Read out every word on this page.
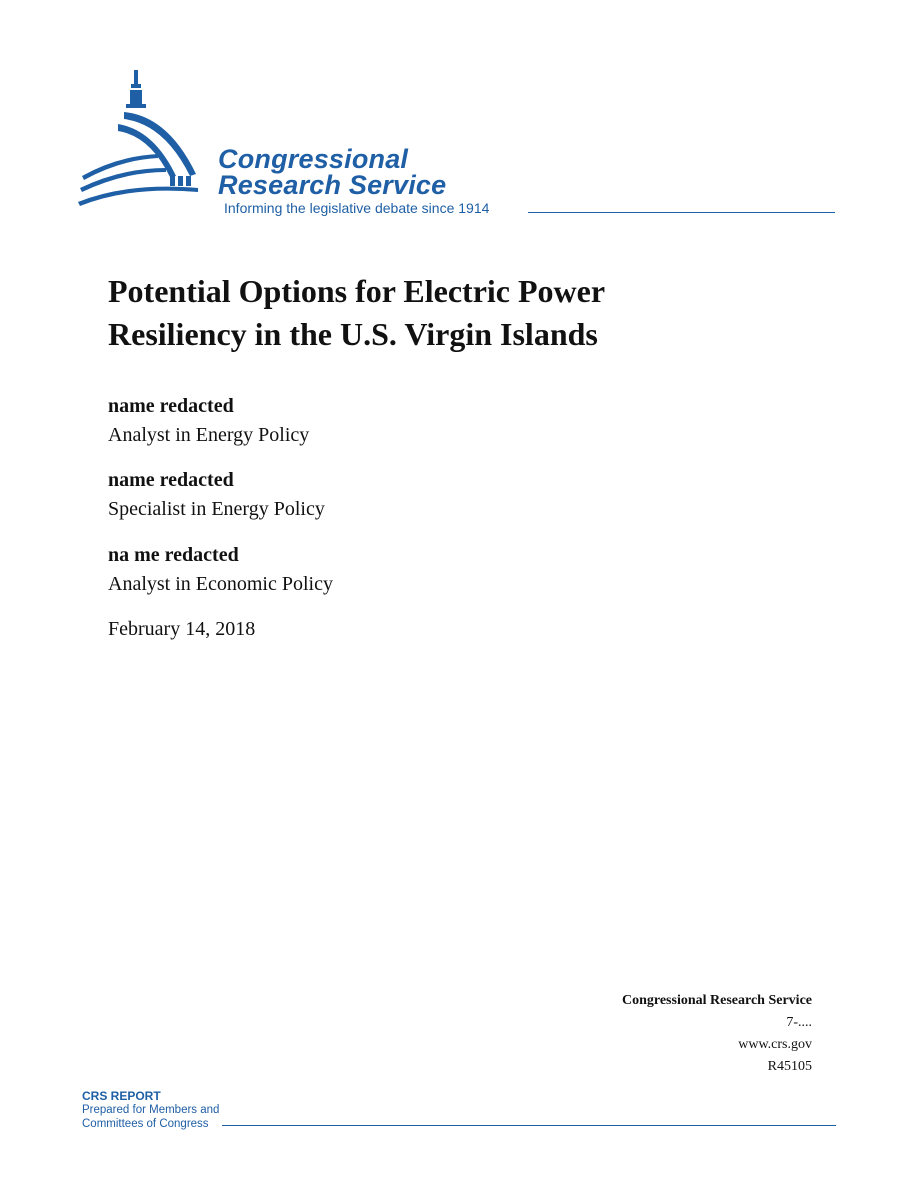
Congressional
Research Service
Informing the legislative debate since 1914
Potential Options for Electric Power
Resiliency in the U.S. Virgin Islands
name redacted
Analyst in Energy Policy
name redacted
Specialist in Energy Policy
na me redacted
Analyst in Economic Policy
February 14, 2018
Congressional Research Service
7-....
www.crs.gov
R45105
CRS REPORT
Prepared for Members and
Committees of Congress
